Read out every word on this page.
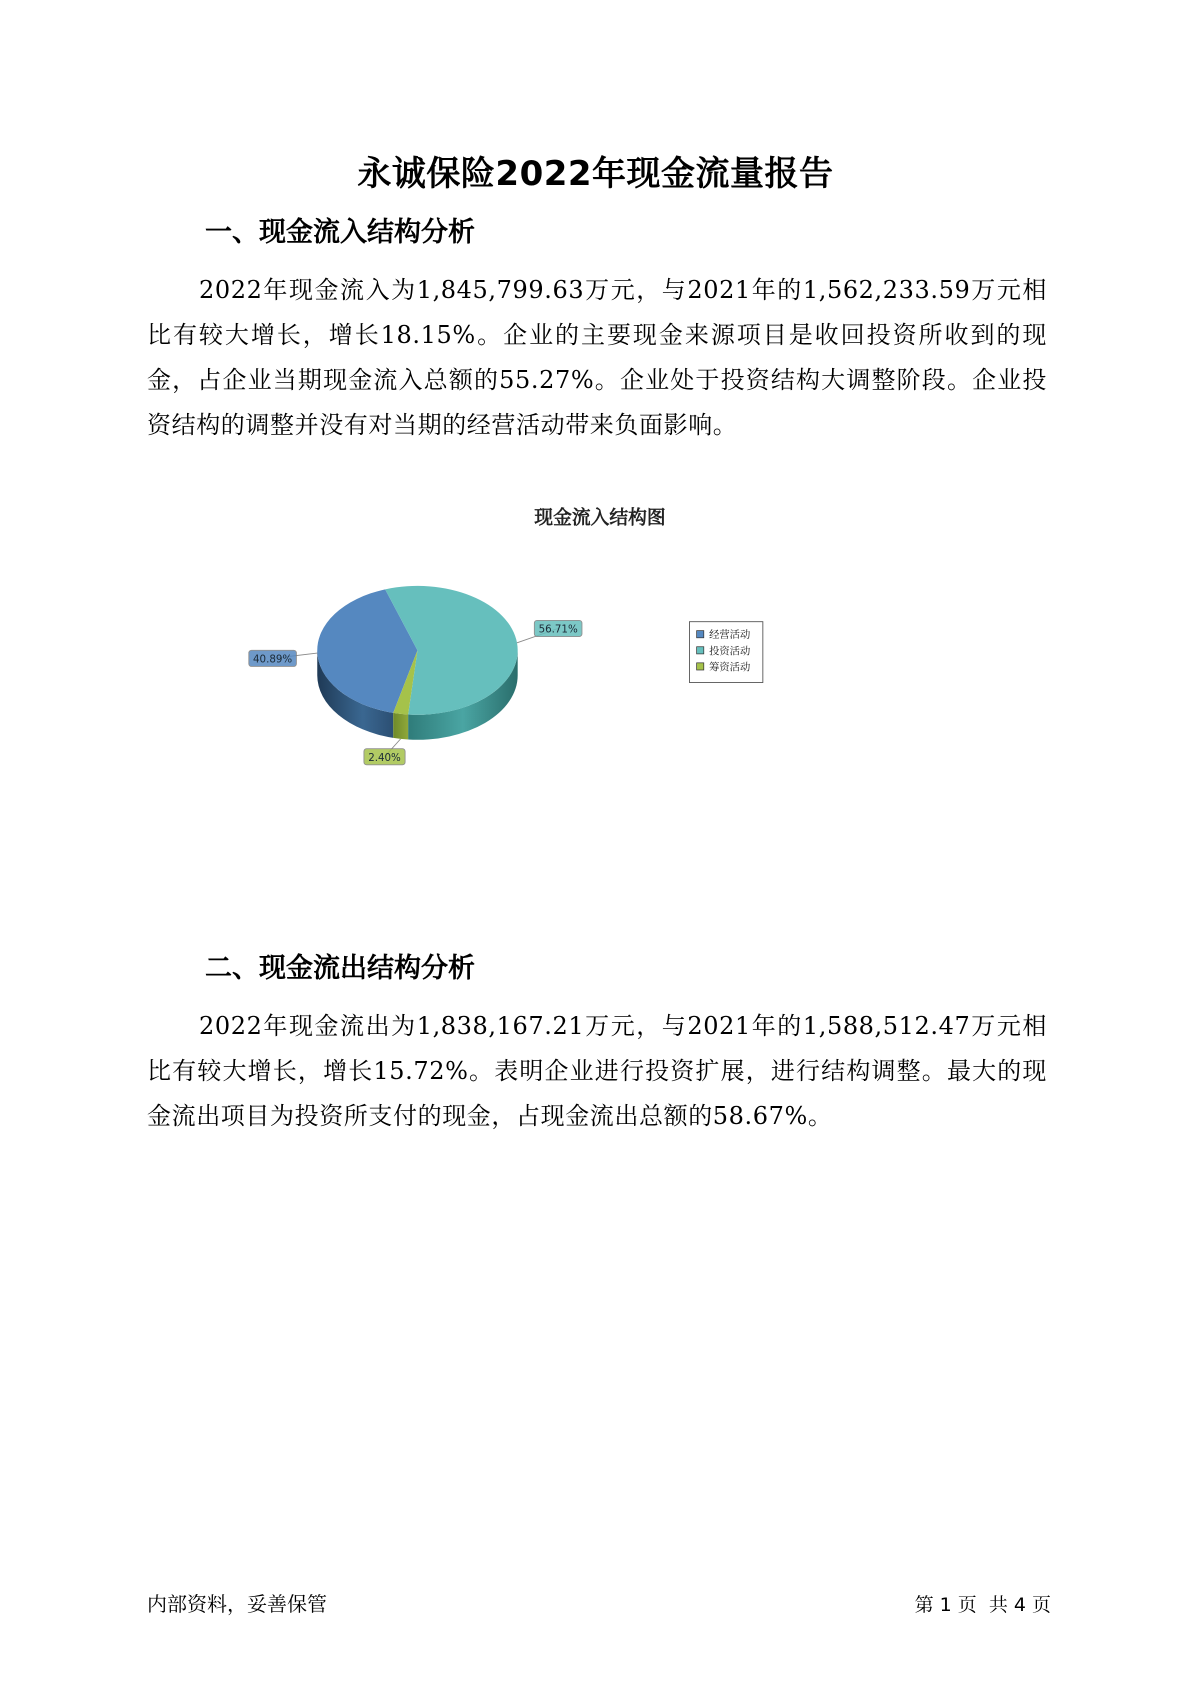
永诚保险2022年现金流量报告
一、现金流入结构分析

2022年现金流入为1,845,799.63万元，与2021年的1,562,233.59万元相比有较大增长，增长18.15%。企业的主要现金来源项目是收回投资所收到的现金，占企业当期现金流入总额的55.27%。企业处于投资结构大调整阶段。企业投资结构的调整并没有对当期的经营活动带来负面影响。

现金流入结构图
40.89%
56.71%
2.40%
经营活动
投资活动
筹资活动
二、现金流出结构分析

2022年现金流出为1,838,167.21万元，与2021年的1,588,512.47万元相比有较大增长，增长15.72%。表明企业进行投资扩展，进行结构调整。最大的现金流出项目为投资所支付的现金，占现金流出总额的58.67%。

内部资料，妥善保管	第 1 页  共 4 页
